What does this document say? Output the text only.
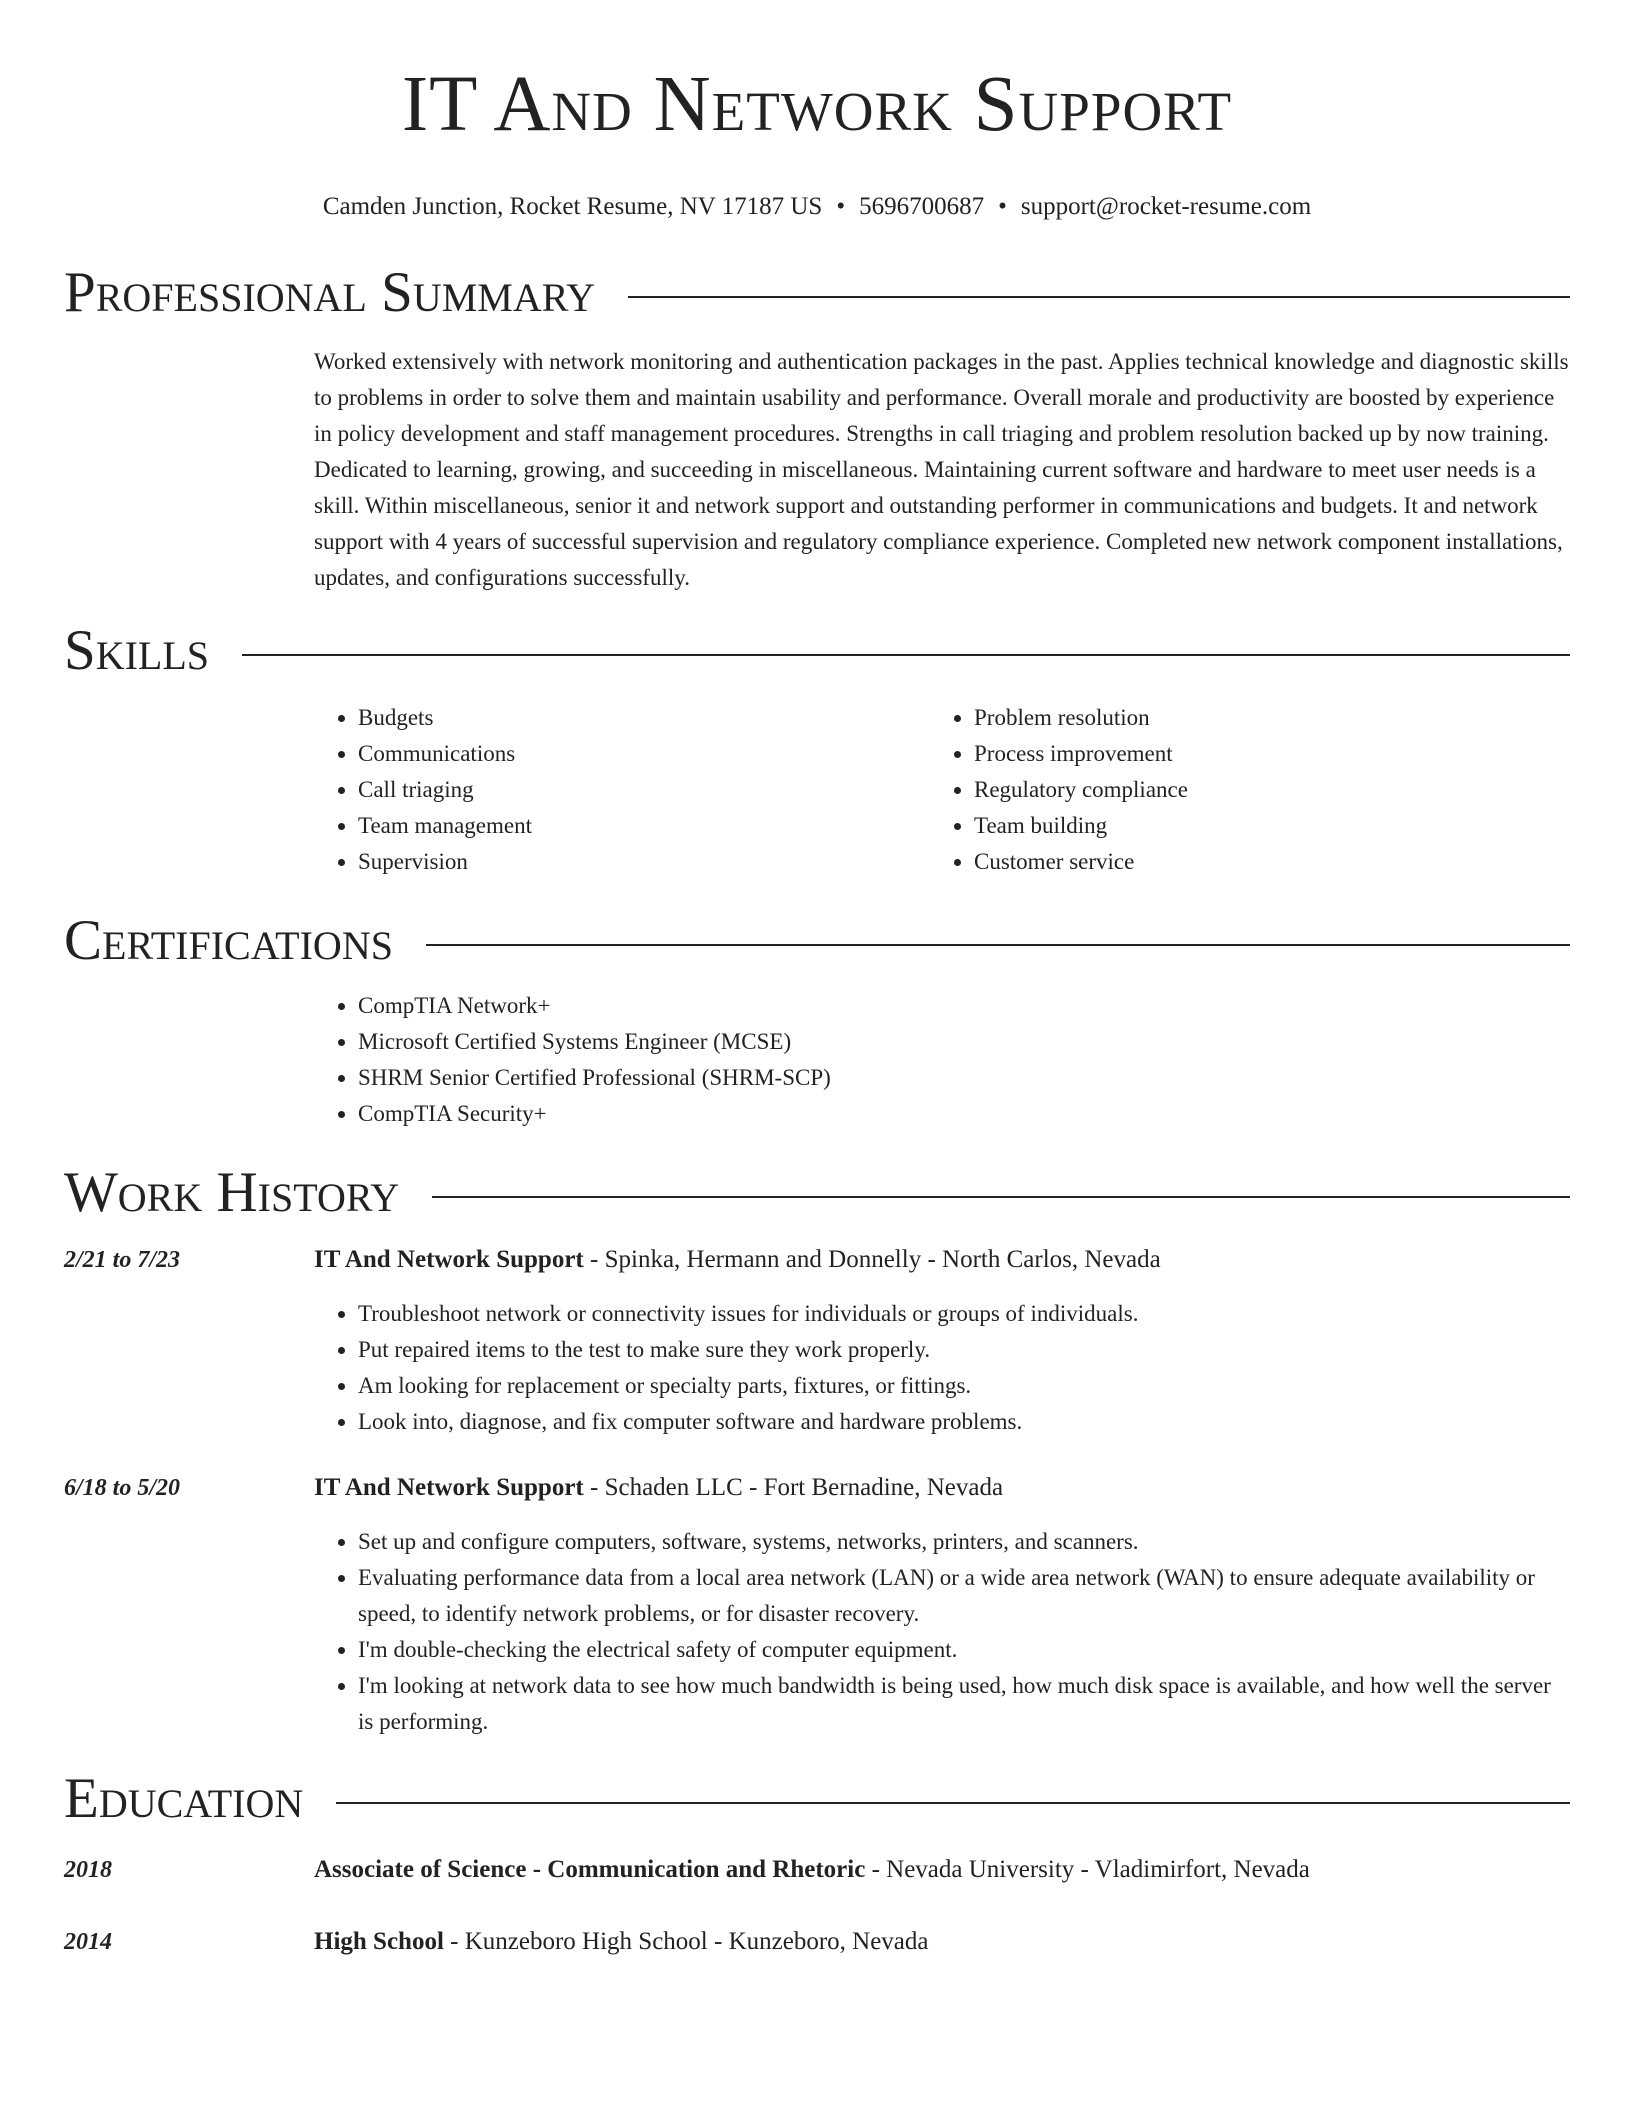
IT And Network Support
Camden Junction, Rocket Resume, NV 17187 US • 5696700687 • support@rocket-resume.com
Professional Summary
Worked extensively with network monitoring and authentication packages in the past. Applies technical knowledge and diagnostic skills to problems in order to solve them and maintain usability and performance. Overall morale and productivity are boosted by experience in policy development and staff management procedures. Strengths in call triaging and problem resolution backed up by now training. Dedicated to learning, growing, and succeeding in miscellaneous. Maintaining current software and hardware to meet user needs is a skill. Within miscellaneous, senior it and network support and outstanding performer in communications and budgets. It and network support with 4 years of successful supervision and regulatory compliance experience. Completed new network component installations, updates, and configurations successfully.
Skills
• Budgets
• Communications
• Call triaging
• Team management
• Supervision
• Problem resolution
• Process improvement
• Regulatory compliance
• Team building
• Customer service
Certifications
• CompTIA Network+
• Microsoft Certified Systems Engineer (MCSE)
• SHRM Senior Certified Professional (SHRM-SCP)
• CompTIA Security+
Work History
2/21 to 7/23	IT And Network Support - Spinka, Hermann and Donnelly - North Carlos, Nevada
• Troubleshoot network or connectivity issues for individuals or groups of individuals.
• Put repaired items to the test to make sure they work properly.
• Am looking for replacement or specialty parts, fixtures, or fittings.
• Look into, diagnose, and fix computer software and hardware problems.
6/18 to 5/20	IT And Network Support - Schaden LLC - Fort Bernadine, Nevada
• Set up and configure computers, software, systems, networks, printers, and scanners.
• Evaluating performance data from a local area network (LAN) or a wide area network (WAN) to ensure adequate availability or speed, to identify network problems, or for disaster recovery.
• I'm double-checking the electrical safety of computer equipment.
• I'm looking at network data to see how much bandwidth is being used, how much disk space is available, and how well the server is performing.
Education
2018	Associate of Science - Communication and Rhetoric - Nevada University - Vladimirfort, Nevada
2014	High School - Kunzeboro High School - Kunzeboro, Nevada
